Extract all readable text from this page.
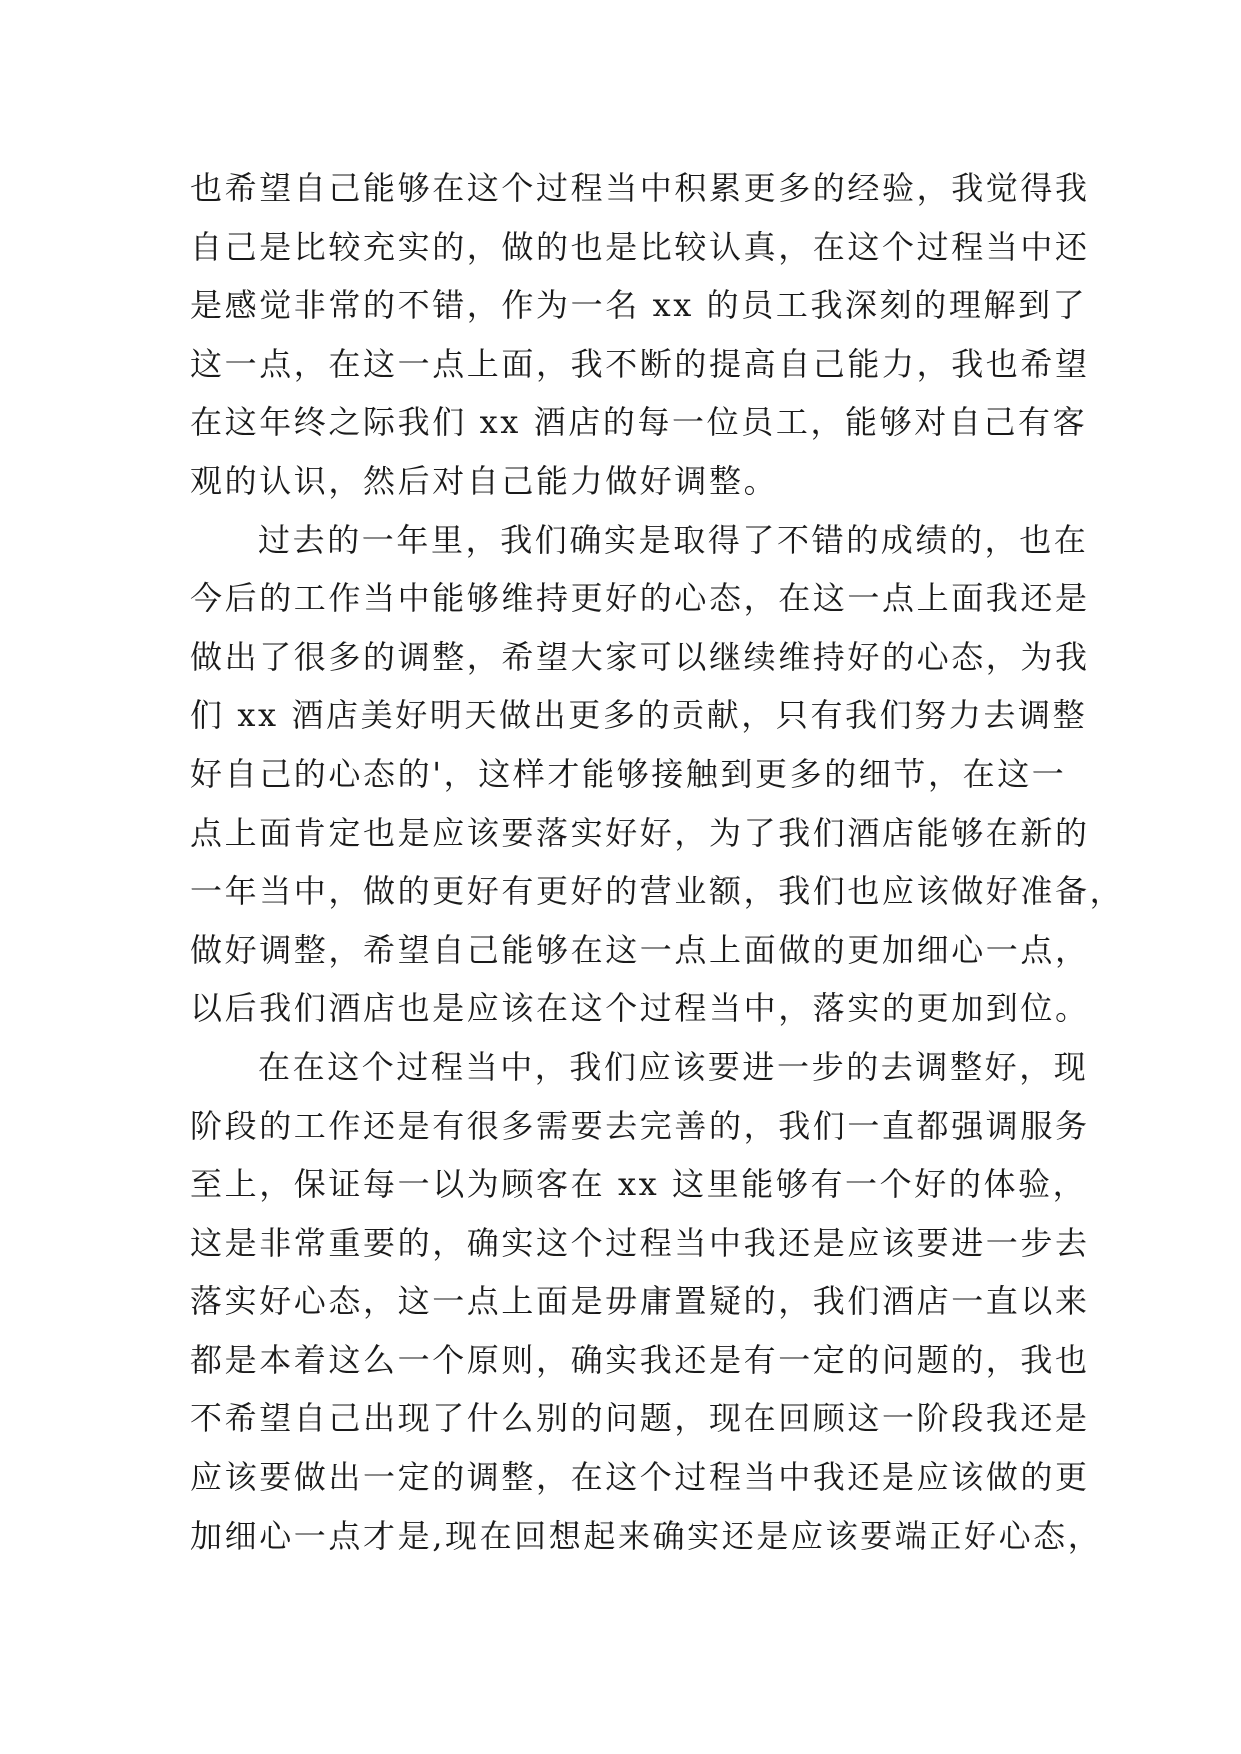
也希望自己能够在这个过程当中积累更多的经验，我觉得我
自己是比较充实的，做的也是比较认真，在这个过程当中还
是感觉非常的不错，作为一名 xx 的员工我深刻的理解到了
这一点，在这一点上面，我不断的提高自己能力，我也希望
在这年终之际我们 xx 酒店的每一位员工，能够对自己有客
观的认识，然后对自己能力做好调整。
过去的一年里，我们确实是取得了不错的成绩的，也在
今后的工作当中能够维持更好的心态，在这一点上面我还是
做出了很多的调整，希望大家可以继续维持好的心态，为我
们 xx 酒店美好明天做出更多的贡献，只有我们努力去调整
好自己的心态的'，这样才能够接触到更多的细节，在这一
点上面肯定也是应该要落实好好，为了我们酒店能够在新的
一年当中，做的更好有更好的营业额，我们也应该做好准备，
做好调整，希望自己能够在这一点上面做的更加细心一点，
以后我们酒店也是应该在这个过程当中，落实的更加到位。
在在这个过程当中，我们应该要进一步的去调整好，现
阶段的工作还是有很多需要去完善的，我们一直都强调服务
至上，保证每一以为顾客在 xx 这里能够有一个好的体验，
这是非常重要的，确实这个过程当中我还是应该要进一步去
落实好心态，这一点上面是毋庸置疑的，我们酒店一直以来
都是本着这么一个原则，确实我还是有一定的问题的，我也
不希望自己出现了什么别的问题，现在回顾这一阶段我还是
应该要做出一定的调整，在这个过程当中我还是应该做的更
加细心一点才是,现在回想起来确实还是应该要端正好心态，
